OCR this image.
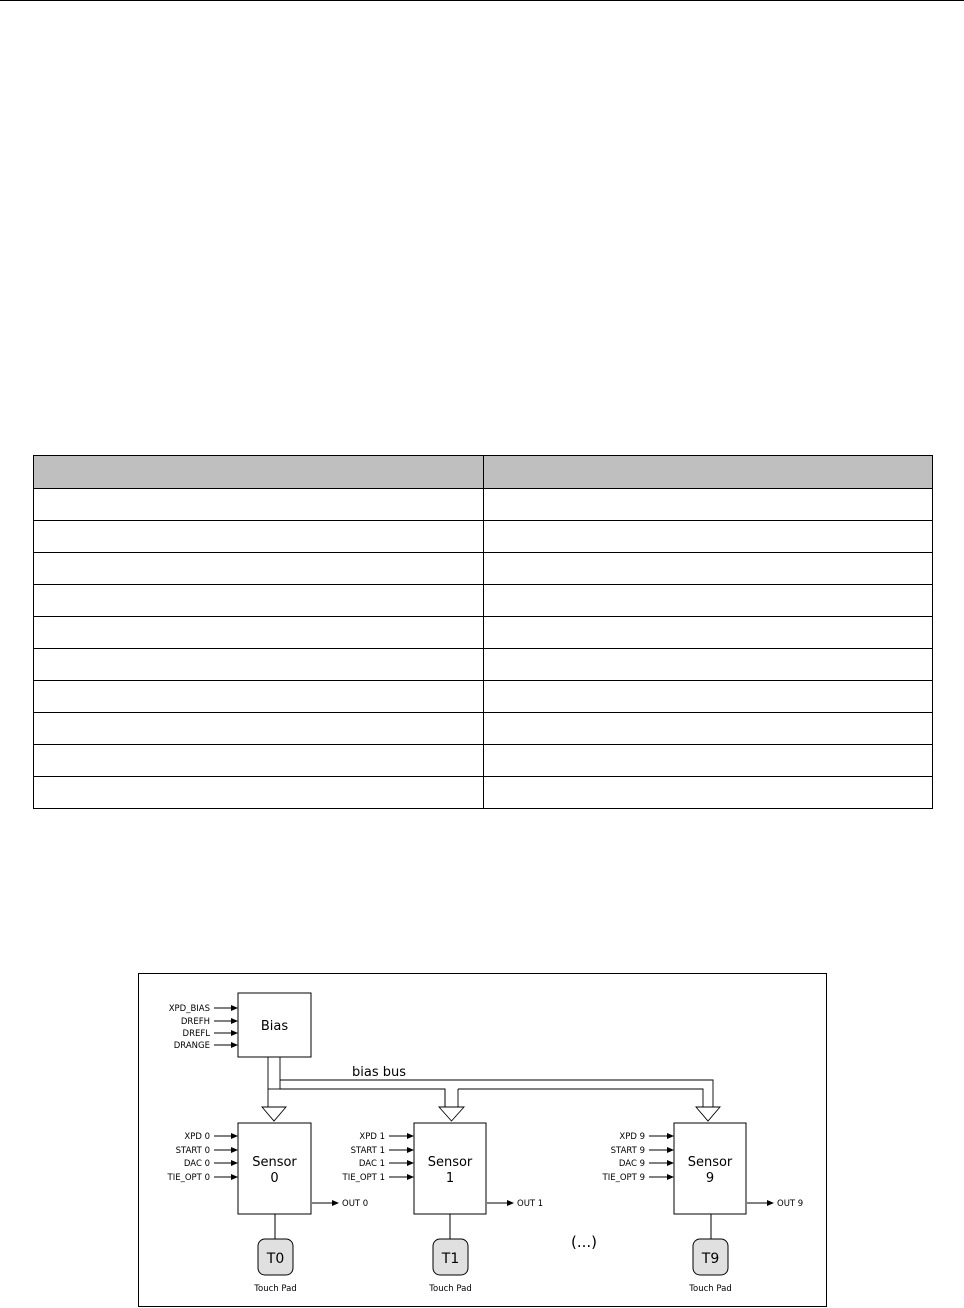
Bias
XPD_BIAS
DREFH
DREFL
DRANGE
bias bus
Sensor
0
XPD 0
START 0
DAC 0
TIE_OPT 0
OUT 0
T0
Touch Pad
Sensor
1
XPD 1
START 1
DAC 1
TIE_OPT 1
OUT 1
T1
Touch Pad
(...)
Sensor
9
XPD 9
START 9
DAC 9
TIE_OPT 9
OUT 9
T9
Touch Pad
